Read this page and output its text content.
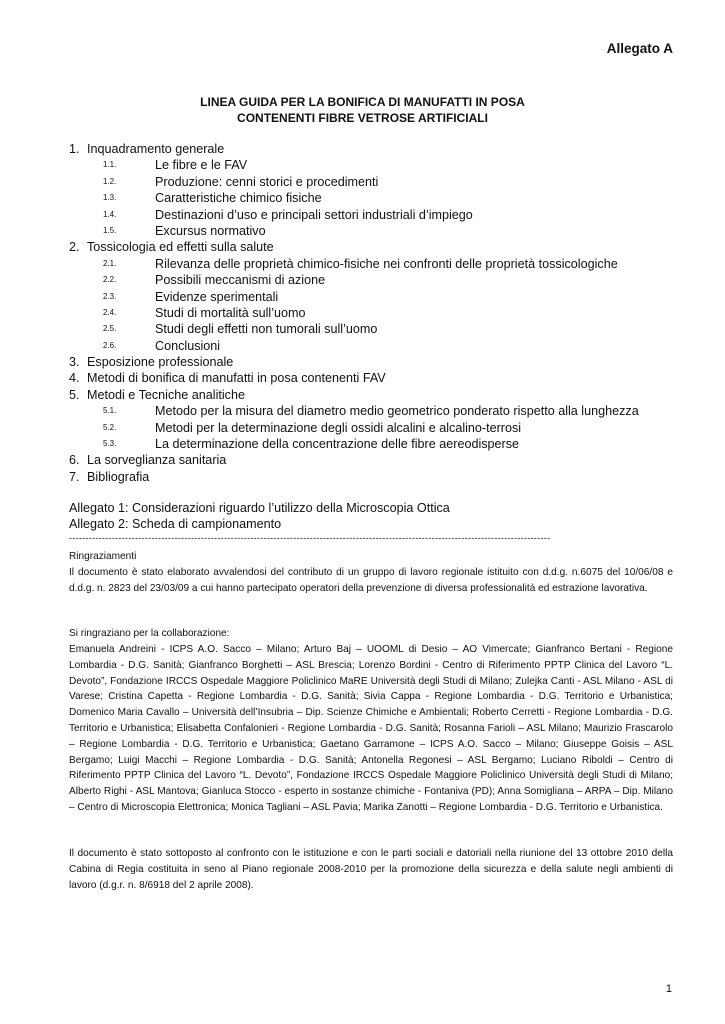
Allegato A
LINEA GUIDA PER LA BONIFICA DI MANUFATTI IN POSA
CONTENENTI FIBRE VETROSE ARTIFICIALI
1. Inquadramento generale
1.1.	Le fibre e le FAV
1.2.	Produzione: cenni storici e procedimenti
1.3.	Caratteristiche chimico fisiche
1.4.	Destinazioni d’uso e principali settori industriali d’impiego
1.5.	Excursus normativo
2. Tossicologia ed effetti sulla salute
2.1.	Rilevanza delle proprietà chimico-fisiche nei confronti delle proprietà tossicologiche
2.2.	Possibili meccanismi di azione
2.3.	Evidenze sperimentali
2.4.	Studi di mortalità sull’uomo
2.5.	Studi degli effetti non tumorali sull’uomo
2.6.	Conclusioni
3. Esposizione professionale
4. Metodi di bonifica di manufatti in posa contenenti FAV
5. Metodi e Tecniche analitiche
5.1.	Metodo per la misura del diametro medio geometrico ponderato rispetto alla lunghezza
5.2.	Metodi per la determinazione degli ossidi alcalini e alcalino-terrosi
5.3.	La determinazione della concentrazione delle fibre aereodisperse
6. La sorveglianza sanitaria
7. Bibliografia
Allegato 1: Considerazioni riguardo l’utilizzo della Microscopia Ottica
Allegato 2: Scheda di campionamento
--------------------------------------------------------------------------------------------------------------------------------------------------
Ringraziamenti
Il documento è stato elaborato avvalendosi del contributo di un gruppo di lavoro regionale istituito con d.d.g. n.6075 del 10/06/08 e d.d.g. n. 2823 del 23/03/09 a cui hanno partecipato operatori della prevenzione di diversa professionalità ed estrazione lavorativa.
Si ringraziano per la collaborazione:
Emanuela Andreini - ICPS A.O. Sacco – Milano; Arturo Baj – UOOML di Desio – AO Vimercate; Gianfranco Bertani - Regione Lombardia - D.G. Sanità; Gianfranco Borghetti – ASL Brescia; Lorenzo Bordini - Centro di Riferimento PPTP Clinica del Lavoro “L. Devoto”, Fondazione IRCCS Ospedale Maggiore Policlinico MaRE Università degli Studi di Milano; Zulejka Canti - ASL Milano - ASL di Varese; Cristina Capetta - Regione Lombardia - D.G. Sanità; Sivia Cappa - Regione Lombardia - D.G. Territorio e Urbanistica; Domenico Maria Cavallo – Università dell’Insubria – Dip. Scienze Chimiche e Ambientali; Roberto Cerretti - Regione Lombardia - D.G. Territorio e Urbanistica; Elisabetta Confalonieri - Regione Lombardia - D.G. Sanità; Rosanna Farioli – ASL Milano; Maurizio Frascarolo – Regione Lombardia - D.G. Territorio e Urbanistica; Gaetano Garramone – ICPS A.O. Sacco – Milano; Giuseppe Goisis – ASL Bergamo; Luigi Macchi – Regione Lombardia - D.G. Sanità; Antonella Regonesi – ASL Bergamo; Luciano Riboldi – Centro di Riferimento PPTP Clinica del Lavoro “L. Devoto”, Fondazione IRCCS Ospedale Maggiore Policlinico Università degli Studi di Milano; Alberto Righi - ASL Mantova; Gianluca Stocco - esperto in sostanze chimiche - Fontaniva (PD); Anna Somigliana – ARPA – Dip. Milano – Centro di Microscopia Elettronica; Monica Tagliani – ASL Pavia; Marika Zanotti – Regione Lombardia - D.G. Territorio e Urbanistica.
Il documento è stato sottoposto al confronto con le istituzione e con le parti sociali e datoriali nella riunione del 13 ottobre 2010 della Cabina di Regia costituita in seno al Piano regionale 2008-2010 per la promozione della sicurezza e della salute negli ambienti di lavoro (d.g.r. n. 8/6918 del 2 aprile 2008).
1
